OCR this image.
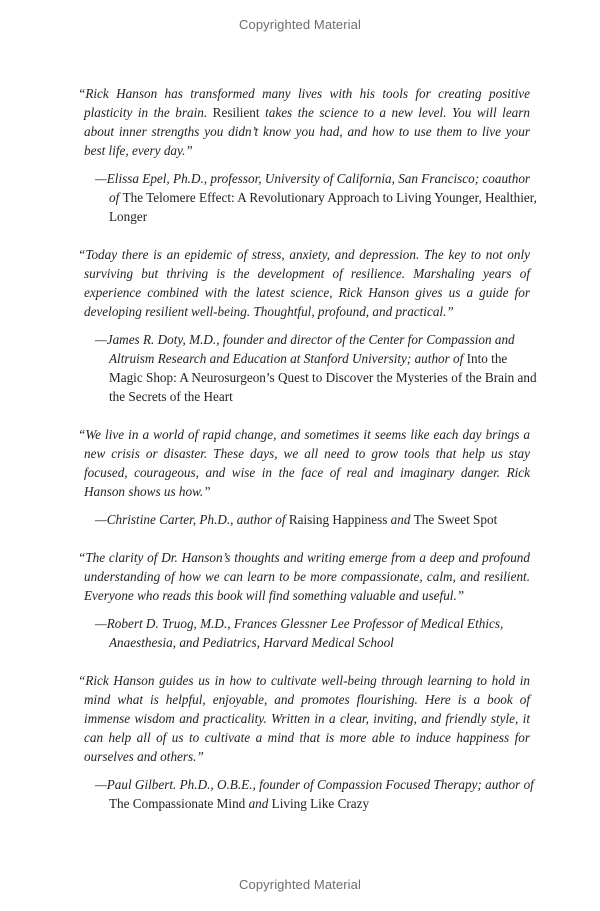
Copyrighted Material

“Rick Hanson has transformed many lives with his tools for creating positive plasticity in the brain. Resilient takes the science to a new level. You will learn about inner strengths you didn’t know you had, and how to use them to live your best life, every day.”

—Elissa Epel, Ph.D., professor, University of California, San Francisco; coauthor of The Telomere Effect: A Revolutionary Approach to Living Younger, Healthier, Longer

“Today there is an epidemic of stress, anxiety, and depression. The key to not only surviving but thriving is the development of resilience. Marshaling years of experience combined with the latest science, Rick Hanson gives us a guide for developing resilient well-being. Thoughtful, profound, and practical.”

—James R. Doty, M.D., founder and director of the Center for Compassion and Altruism Research and Education at Stanford University; author of Into the Magic Shop: A Neurosurgeon’s Quest to Discover the Mysteries of the Brain and the Secrets of the Heart

“We live in a world of rapid change, and sometimes it seems like each day brings a new crisis or disaster. These days, we all need to grow tools that help us stay focused, courageous, and wise in the face of real and imaginary danger. Rick Hanson shows us how.”

—Christine Carter, Ph.D., author of Raising Happiness and The Sweet Spot

“The clarity of Dr. Hanson’s thoughts and writing emerge from a deep and profound understanding of how we can learn to be more compassionate, calm, and resilient. Everyone who reads this book will find something valuable and useful.”

—Robert D. Truog, M.D., Frances Glessner Lee Professor of Medical Ethics, Anaesthesia, and Pediatrics, Harvard Medical School

“Rick Hanson guides us in how to cultivate well-being through learning to hold in mind what is helpful, enjoyable, and promotes flourishing. Here is a book of immense wisdom and practicality. Written in a clear, inviting, and friendly style, it can help all of us to cultivate a mind that is more able to induce happiness for ourselves and others.”

—Paul Gilbert. Ph.D., O.B.E., founder of Compassion Focused Therapy; author of The Compassionate Mind and Living Like Crazy

Copyrighted Material
